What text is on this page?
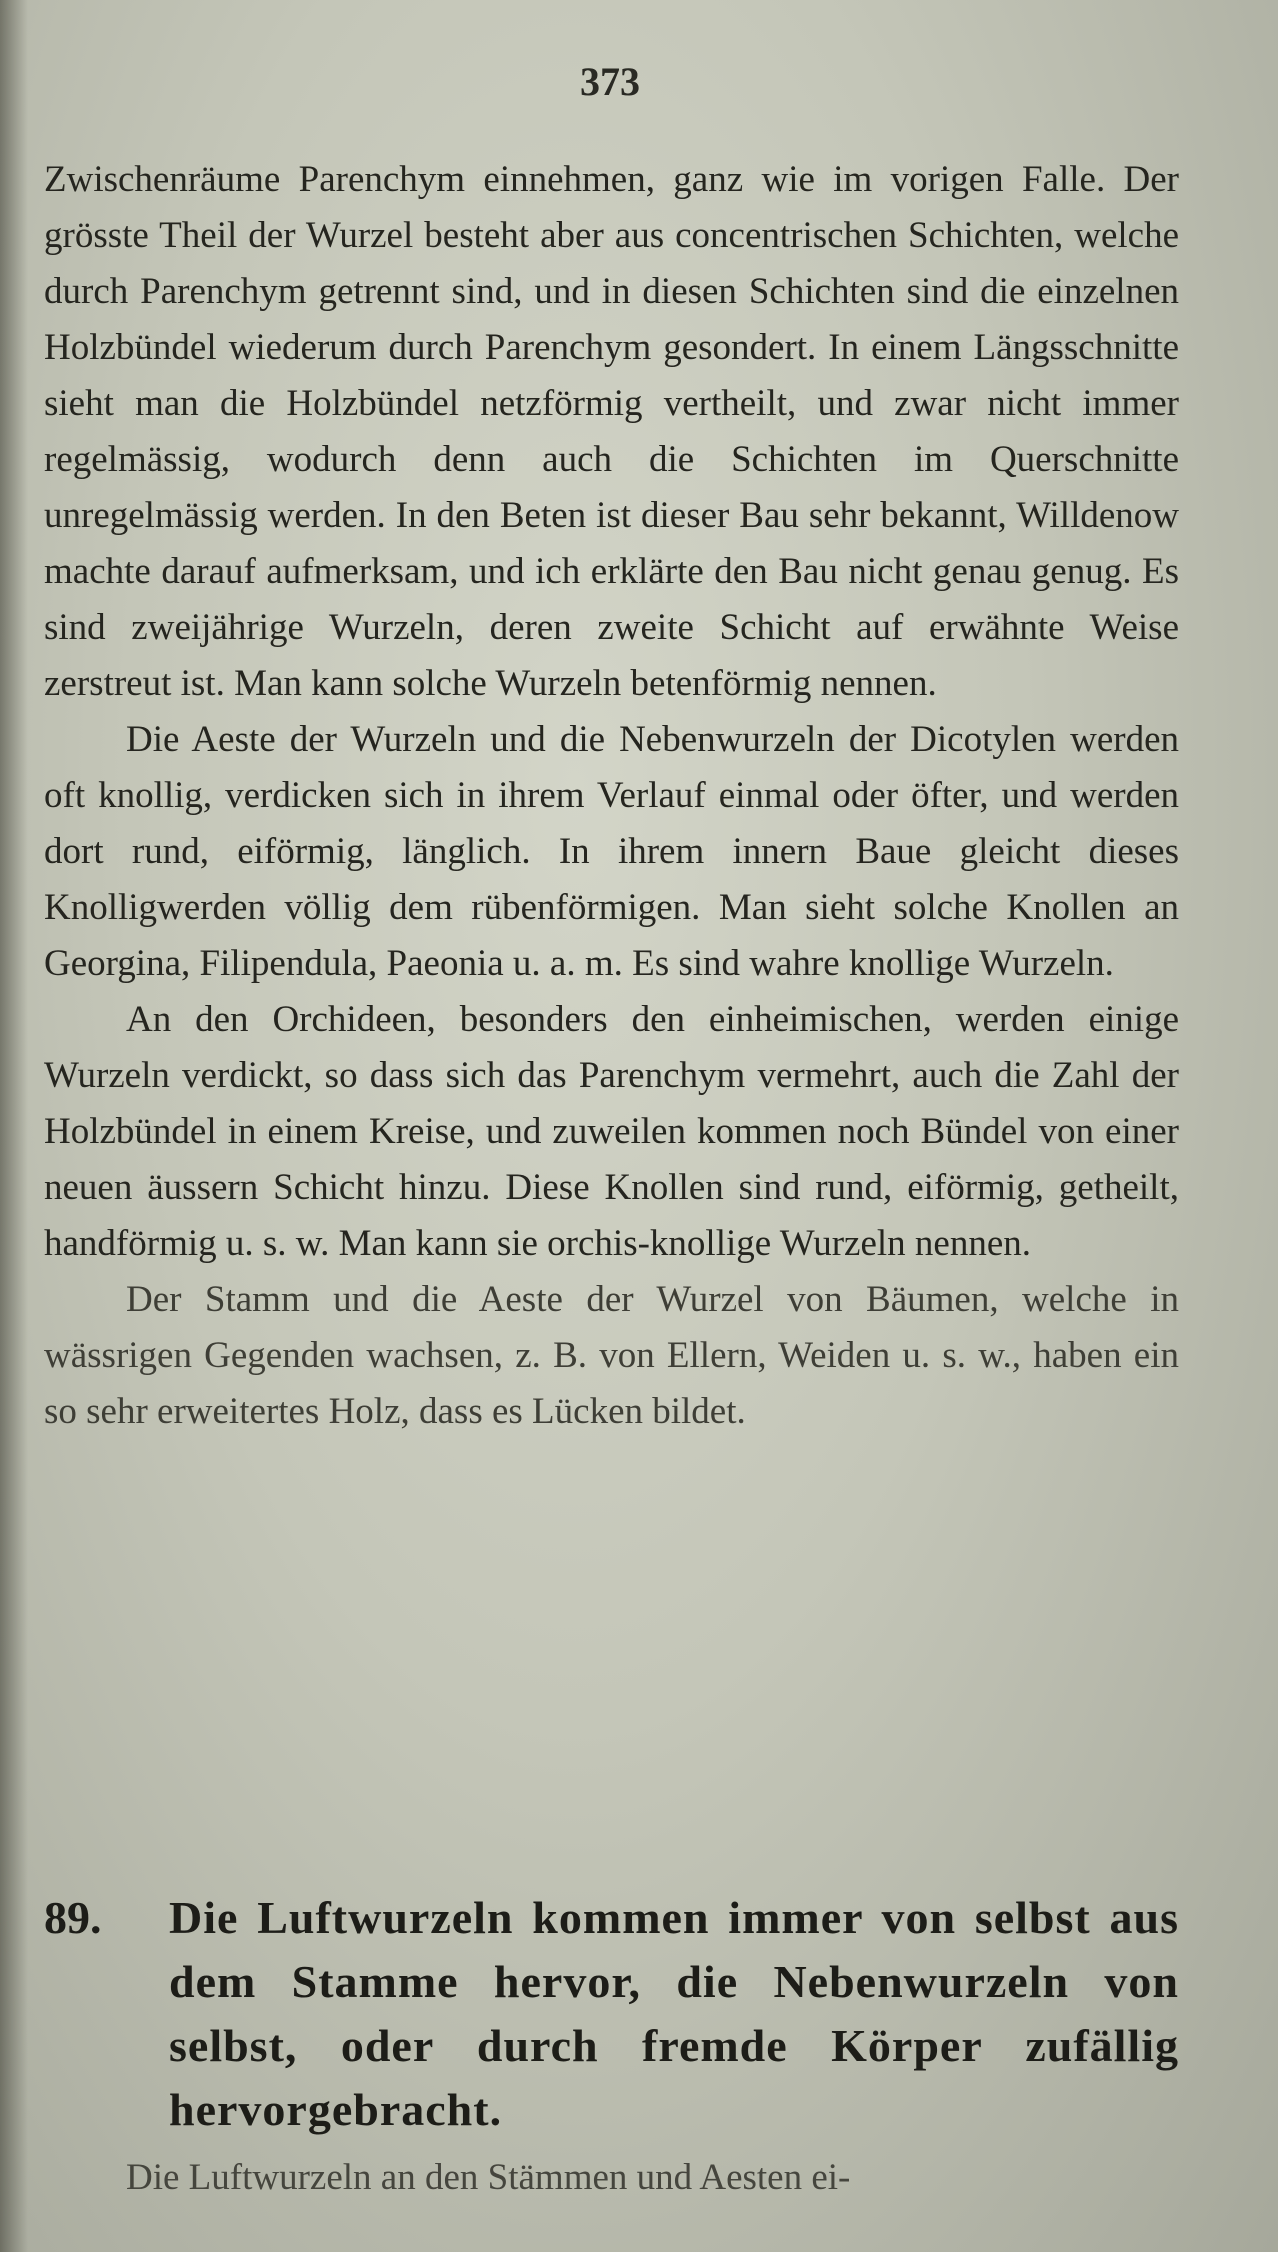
373

Zwischenräume Parenchym einnehmen, ganz wie im vorigen Falle. Der grösste Theil der Wurzel besteht aber aus concentrischen Schichten, welche durch Parenchym getrennt sind, und in diesen Schichten sind die einzelnen Holzbündel wiederum durch Parenchym gesondert. In einem Längsschnitte sieht man die Holzbündel netzförmig vertheilt, und zwar nicht immer regelmässig, wodurch denn auch die Schichten im Querschnitte unregelmässig werden. In den Beten ist dieser Bau sehr bekannt, Willdenow machte darauf aufmerksam, und ich erklärte den Bau nicht genau genug. Es sind zweijährige Wurzeln, deren zweite Schicht auf erwähnte Weise zerstreut ist. Man kann solche Wurzeln betenförmig nennen.

Die Aeste der Wurzeln und die Nebenwurzeln der Dicotylen werden oft knollig, verdicken sich in ihrem Verlauf einmal oder öfter, und werden dort rund, eiförmig, länglich. In ihrem innern Baue gleicht dieses Knolligwerden völlig dem rübenförmigen. Man sieht solche Knollen an Georgina, Filipendula, Paeonia u. a. m. Es sind wahre knollige Wurzeln.

An den Orchideen, besonders den einheimischen, werden einige Wurzeln verdickt, so dass sich das Parenchym vermehrt, auch die Zahl der Holzbündel in einem Kreise, und zuweilen kommen noch Bündel von einer neuen äussern Schicht hinzu. Diese Knollen sind rund, eiförmig, getheilt, handförmig u. s. w. Man kann sie orchis-knollige Wurzeln nennen.

Der Stamm und die Aeste der Wurzel von Bäumen, welche in wässrigen Gegenden wachsen, z. B. von Ellern, Weiden u. s. w., haben ein so sehr erweitertes Holz, dass es Lücken bildet.

89.	Die Luftwurzeln kommen immer von selbst aus dem Stamme hervor, die Nebenwurzeln von selbst, oder durch fremde Körper zufällig hervorgebracht.
Die Luftwurzeln an den Stämmen und Aesten ei-
